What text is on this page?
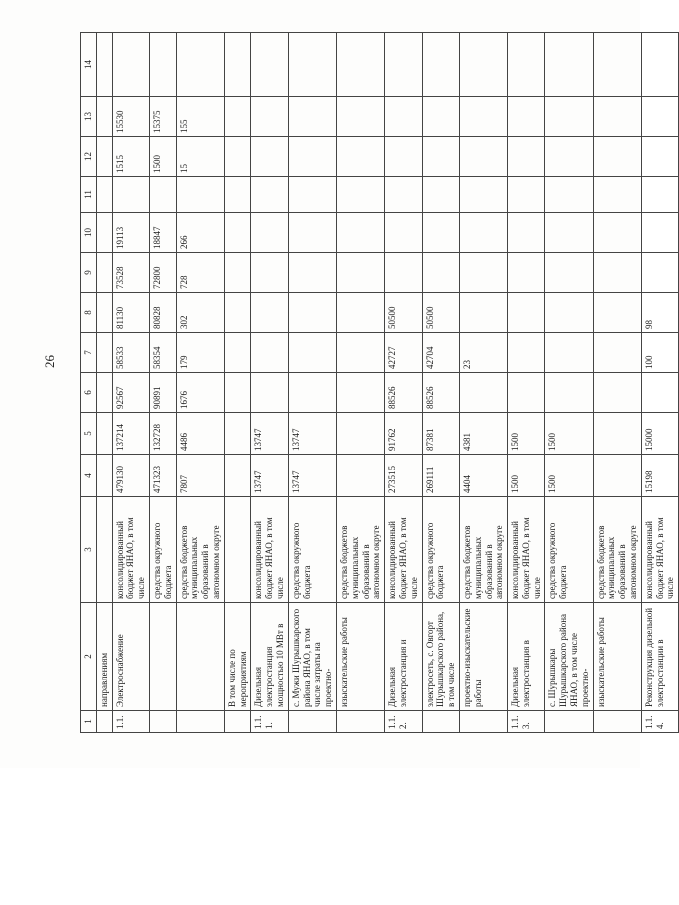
26
1	2	3	4	5	6	7	8	9	10	11	12	13	14
	направлениям												
1.1.	Электроснабжение	консолидированный бюджет ЯНАО, в том числе	479130	137214	92567	58533	81130	73528	19113		1515	15530	
		средства окружного бюджета	471323	132728	90891	58354	80828	72800	18847		1500	15375	
		средства бюджетов муниципальных образований в автономном округе	7807	4486	1676	179	302	728	266		15	155	
	В том числе по мероприятиям												
1.1.1.	Дизельная электростанция мощностью 10 МВт в	консолидированный бюджет ЯНАО, в том числе	13747	13747									
	с. Мужи Шурышкарского района ЯНАО, в том числе затраты на проектно-	средства окружного бюджета	13747	13747									
	изыскательские работы	средства бюджетов муниципальных образований в автономном округе											
1.1.2.	Дизельная электростанция и	консолидированный бюджет ЯНАО, в том числе	273515	91762	88526	42727	50500						
	электросеть, с. Овгорт Шурышкарского района, в том числе	средства окружного бюджета	269111	87381	88526	42704	50500						
	проектно-изыскательские работы	средства бюджетов муниципальных образований в автономном округе	4404	4381		23							
1.1.3.	Дизельная электростанция в	консолидированный бюджет ЯНАО, в том числе	1500	1500									
	с. Шурышкары Шурышкарского района ЯНАО, в том числе проектно-	средства окружного бюджета	1500	1500									
	изыскательские работы	средства бюджетов муниципальных образований в автономном округе											
1.1.4.	Реконструкция дизельной электростанции в	консолидированный бюджет ЯНАО, в том числе	15198	15000		100	98						
